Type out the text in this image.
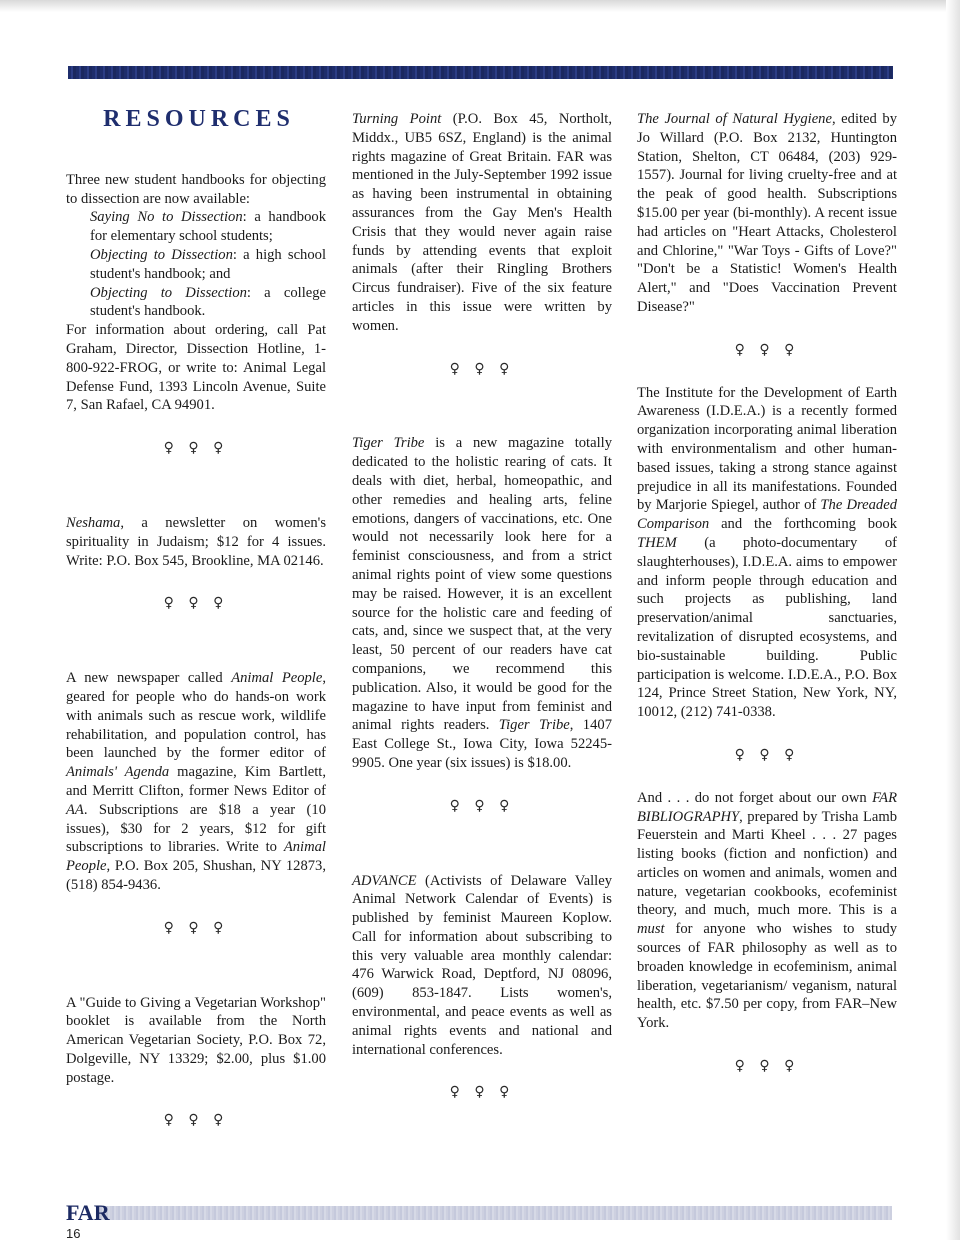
RESOURCES

Three new student handbooks for objecting to dissection are now available:

Saying No to Dissection: a handbook for elementary school students;

Objecting to Dissection: a high school student's handbook; and

Objecting to Dissection: a college student's handbook.

For information about ordering, call Pat Graham, Director, Dissection Hotline, 1-800-922-FROG, or write to: Animal Legal Defense Fund, 1393 Lincoln Avenue, Suite 7, San Rafael, CA 94901.

♀ ♀ ♀

Neshama, a newsletter on women's spirituality in Judaism; $12 for 4 issues. Write: P.O. Box 545, Brookline, MA 02146.

♀ ♀ ♀

A new newspaper called Animal People, geared for people who do hands-on work with animals such as rescue work, wildlife rehabilitation, and population control, has been launched by the former editor of Animals' Agenda magazine, Kim Bartlett, and Merritt Clifton, former News Editor of AA. Subscriptions are $18 a year (10 issues), $30 for 2 years, $12 for gift subscriptions to libraries. Write to Animal People, P.O. Box 205, Shushan, NY 12873, (518) 854-9436.

♀ ♀ ♀

A "Guide to Giving a Vegetarian Workshop" booklet is available from the North American Vegetarian Society, P.O. Box 72, Dolgeville, NY 13329; $2.00, plus $1.00 postage.

♀ ♀ ♀

Turning Point (P.O. Box 45, Northolt, Middx., UB5 6SZ, England) is the animal rights magazine of Great Britain. FAR was mentioned in the July-September 1992 issue as having been instrumental in obtaining assurances from the Gay Men's Health Crisis that they would never again raise funds by attending events that exploit animals (after their Ringling Brothers Circus fundraiser). Five of the six feature articles in this issue were written by women.

♀ ♀ ♀

Tiger Tribe is a new magazine totally dedicated to the holistic rearing of cats. It deals with diet, herbal, homeopathic, and other remedies and healing arts, feline emotions, dangers of vaccinations, etc. One would not necessarily look here for a feminist consciousness, and from a strict animal rights point of view some questions may be raised. However, it is an excellent source for the holistic care and feeding of cats, and, since we suspect that, at the very least, 50 percent of our readers have cat companions, we recommend this publication. Also, it would be good for the magazine to have input from feminist and animal rights readers. Tiger Tribe, 1407 East College St., Iowa City, Iowa 52245-9905. One year (six issues) is $18.00.

♀ ♀ ♀

ADVANCE (Activists of Delaware Valley Animal Network Calendar of Events) is published by feminist Maureen Koplow. Call for information about subscribing to this very valuable area monthly calendar: 476 Warwick Road, Deptford, NJ 08096, (609) 853-1847. Lists women's, environmental, and peace events as well as animal rights events and national and international conferences.

♀ ♀ ♀

The Journal of Natural Hygiene, edited by Jo Willard (P.O. Box 2132, Huntington Station, Shelton, CT 06484, (203) 929-1557). Journal for living cruelty-free and at the peak of good health. Subscriptions $15.00 per year (bi-monthly). A recent issue had articles on "Heart Attacks, Cholesterol and Chlorine," "War Toys - Gifts of Love?" "Don't be a Statistic! Women's Health Alert," and "Does Vaccination Prevent Disease?"

♀ ♀ ♀

The Institute for the Development of Earth Awareness (I.D.E.A.) is a recently formed organization incorporating animal liberation with environmentalism and other human-based issues, taking a strong stance against prejudice in all its manifestations. Founded by Marjorie Spiegel, author of The Dreaded Comparison and the forthcoming book THEM (a photo-documentary of slaughterhouses), I.D.E.A. aims to empower and inform people through education and such projects as publishing, land preservation/animal sanctuaries, revitalization of disrupted ecosystems, and bio-sustainable building. Public participation is welcome. I.D.E.A., P.O. Box 124, Prince Street Station, New York, NY, 10012, (212) 741-0338.

♀ ♀ ♀

And . . . do not forget about our own FAR BIBLIOGRAPHY, prepared by Trisha Lamb Feuerstein and Marti Kheel . . . 27 pages listing books (fiction and nonfiction) and articles on women and animals, women and nature, vegetarian cookbooks, ecofeminist theory, and much, much more. This is a must for anyone who wishes to study sources of FAR philosophy as well as to broaden knowledge in ecofeminism, animal liberation, vegetarianism/ veganism, natural health, etc. $7.50 per copy, from FAR–New York.

♀ ♀ ♀
FAR
16
